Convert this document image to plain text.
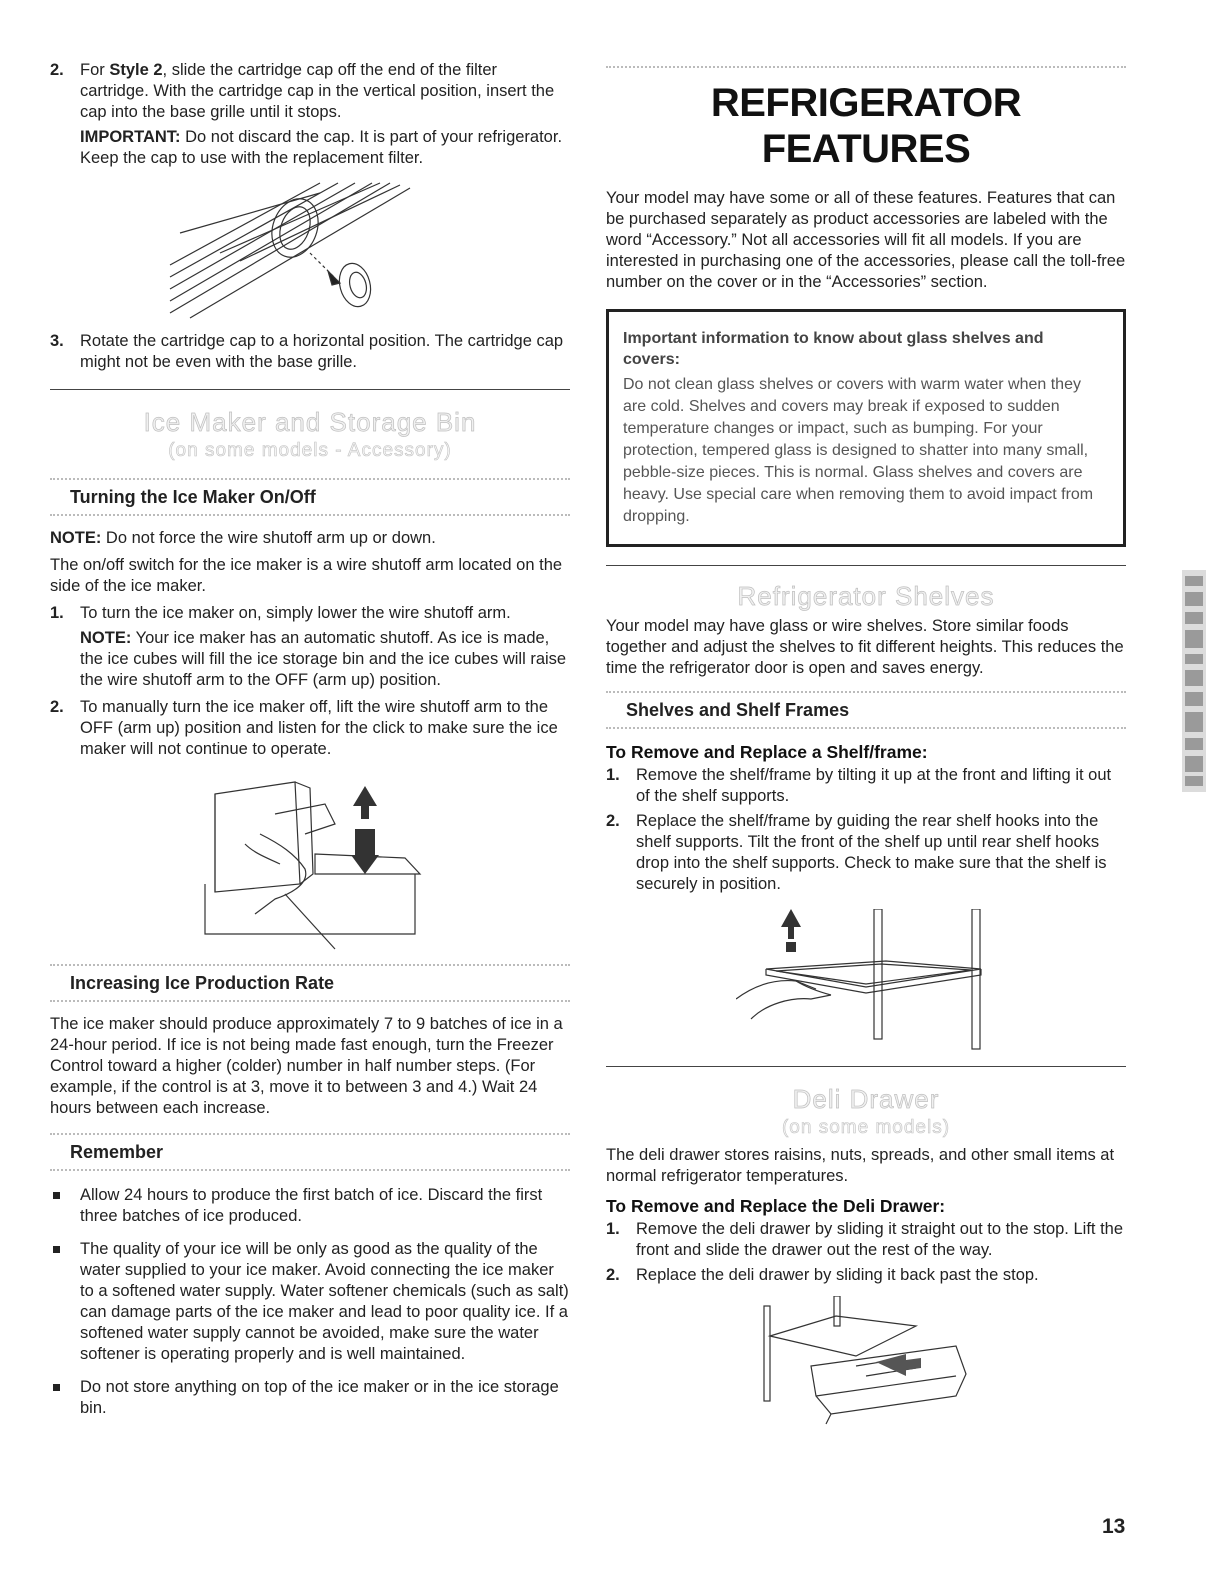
2. For Style 2, slide the cartridge cap off the end of the filter cartridge. With the cartridge cap in the vertical position, insert the cap into the base grille until it stops.
IMPORTANT: Do not discard the cap. It is part of your refrigerator. Keep the cap to use with the replacement filter.
3. Rotate the cartridge cap to a horizontal position. The cartridge cap might not be even with the base grille.
Ice Maker and Storage Bin
(on some models - Accessory)
Turning the Ice Maker On/Off

NOTE: Do not force the wire shutoff arm up or down.

The on/off switch for the ice maker is a wire shutoff arm located on the side of the ice maker.

1. To turn the ice maker on, simply lower the wire shutoff arm.
NOTE: Your ice maker has an automatic shutoff. As ice is made, the ice cubes will fill the ice storage bin and the ice cubes will raise the wire shutoff arm to the OFF (arm up) position.
2. To manually turn the ice maker off, lift the wire shutoff arm to the OFF (arm up) position and listen for the click to make sure the ice maker will not continue to operate.
Increasing Ice Production Rate

The ice maker should produce approximately 7 to 9 batches of ice in a 24-hour period. If ice is not being made fast enough, turn the Freezer Control toward a higher (colder) number in half number steps. (For example, if the control is at 3, move it to between 3 and 4.) Wait 24 hours between each increase.

Remember
Allow 24 hours to produce the first batch of ice. Discard the first three batches of ice produced.
The quality of your ice will be only as good as the quality of the water supplied to your ice maker. Avoid connecting the ice maker to a softened water supply. Water softener chemicals (such as salt) can damage parts of the ice maker and lead to poor quality ice. If a softened water supply cannot be avoided, make sure the water softener is operating properly and is well maintained.
Do not store anything on top of the ice maker or in the ice storage bin.
REFRIGERATOR FEATURES

Your model may have some or all of these features. Features that can be purchased separately as product accessories are labeled with the word “Accessory.” Not all accessories will fit all models. If you are interested in purchasing one of the accessories, please call the toll-free number on the cover or in the “Accessories” section.

Important information to know about glass shelves and covers:
Do not clean glass shelves or covers with warm water when they are cold. Shelves and covers may break if exposed to sudden temperature changes or impact, such as bumping. For your protection, tempered glass is designed to shatter into many small, pebble-size pieces. This is normal. Glass shelves and covers are heavy. Use special care when removing them to avoid impact from dropping.
Refrigerator Shelves

Your model may have glass or wire shelves. Store similar foods together and adjust the shelves to fit different heights. This reduces the time the refrigerator door is open and saves energy.

Shelves and Shelf Frames
To Remove and Replace a Shelf/frame:
1. Remove the shelf/frame by tilting it up at the front and lifting it out of the shelf supports.
2. Replace the shelf/frame by guiding the rear shelf hooks into the shelf supports. Tilt the front of the shelf up until rear shelf hooks drop into the shelf supports. Check to make sure that the shelf is securely in position.
Deli Drawer
(on some models)

The deli drawer stores raisins, nuts, spreads, and other small items at normal refrigerator temperatures.

To Remove and Replace the Deli Drawer:
1. Remove the deli drawer by sliding it straight out to the stop. Lift the front and slide the drawer out the rest of the way.
2. Replace the deli drawer by sliding it back past the stop.
13
